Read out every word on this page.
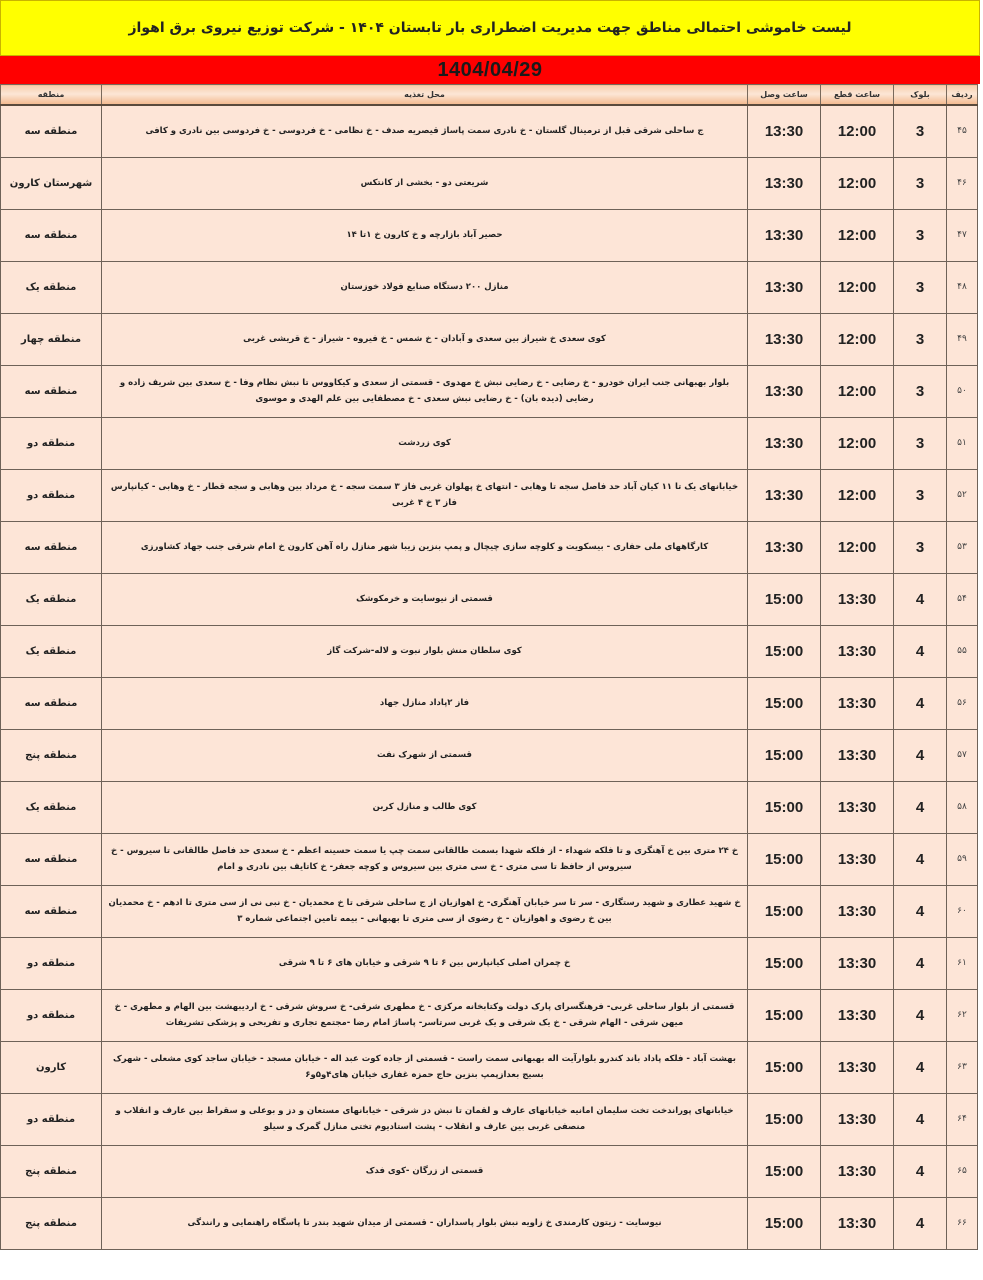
لیست خاموشی احتمالی مناطق جهت مدیریت اضطراری بار تابستان ۱۴۰۴ - شرکت توزیع نیروی برق اهواز
1404/04/29
ردیف	بلوک	ساعت قطع	ساعت وصل	محل تغذیه	منطقه
۴۵	3	12:00	13:30	ج ساحلی شرقی قبل از ترمینال گلستان - خ نادری سمت پاساژ قیصریه صدف - خ نظامی - خ فردوسی - خ فردوسی بین نادری و کافی	منطقه سه
۴۶	3	12:00	13:30	شریعتی دو - بخشی از کانتکس	شهرستان کارون
۴۷	3	12:00	13:30	حصیر آباد بازارچه و خ کارون خ ۱تا ۱۴	منطقه سه
۴۸	3	12:00	13:30	منازل ۲۰۰ دستگاه صنایع فولاد خوزستان	منطقه یک
۴۹	3	12:00	13:30	کوی سعدی خ شیراز بین سعدی و آبادان - خ شمس - خ فیروه - شیراز - خ قریشی غربی	منطقه چهار
۵۰	3	12:00	13:30	بلوار بهبهانی جنب ایران خودرو - خ رضایی - خ رضایی نبش خ مهدوی - قسمتی از سعدی و کیکاووس تا نبش نظام وفا - خ سعدی بین شریف زاده و رضایی (دیده بان) - خ رضایی نبش سعدی - خ مصطفایی بین علم الهدی و موسوی	منطقه سه
۵۱	3	12:00	13:30	کوی زردشت	منطقه دو
۵۲	3	12:00	13:30	خیابانهای یک تا ۱۱ کیان آباد حد فاصل سجه تا وهابی - انتهای خ پهلوان غربی فاز ۳ سمت سجه - خ مرداد بین وهابی و سجه قطار - خ وهابی - کیانپارس فاز ۳ خ ۴ غربی	منطقه دو
۵۳	3	12:00	13:30	کارگاههای ملی حفاری - بیسکویت و کلوچه سازی چیچال و پمپ بنزین زیبا شهر منازل راه آهن کارون خ امام شرقی جنب جهاد کشاورزی	منطقه سه
۵۴	4	13:30	15:00	قسمتی از نیوسایت و خرمکوشک	منطقه یک
۵۵	4	13:30	15:00	کوی سلطان منش بلوار نبوت و لاله-شرکت گاز	منطقه یک
۵۶	4	13:30	15:00	فاز ۲پاداد منازل جهاد	منطقه سه
۵۷	4	13:30	15:00	قسمتی از شهرک نفت	منطقه پنج
۵۸	4	13:30	15:00	کوی طالب و منازل کربن	منطقه یک
۵۹	4	13:30	15:00	خ ۲۴ متری بین خ آهنگری و تا فلکه شهداء - از فلکه شهدا بسمت طالقانی سمت چپ یا سمت حسینه اعظم - خ سعدی حد فاصل طالقانی تا سیروس - خ سیروس از حافظ تا سی متری - خ سی متری بین سیروس و کوچه جعفر- خ کاتایف بین نادری و امام	منطقه سه
۶۰	4	13:30	15:00	خ شهید عطاری و شهید رستگاری - سر تا سر خیابان آهنگری- خ اهوازیان از ج ساحلی شرقی تا خ محمدیان - خ نبی نی از سی متری تا ادهم - خ محمدیان بین خ رضوی و اهوازیان - خ رضوی از سی متری تا بهبهانی - بیمه تامین اجتماعی شماره ۳	منطقه سه
۶۱	4	13:30	15:00	خ چمران اصلی کیانپارس بین ۶ تا ۹ شرقی و خیابان های ۶ تا ۹ شرقی	منطقه دو
۶۲	4	13:30	15:00	قسمتی از بلوار ساحلی غربی- فرهنگسرای پارک دولت وکتابخانه مرکزی - خ مطهری شرقی- خ سروش شرقی - خ اردیبهشت بین الهام و مطهری - خ میهن شرقی - الهام شرقی - خ یک شرقی و یک غربی سرتاسر- پاساژ امام رضا -مجتمع تجاری و تفریحی و پزشکی تشریفات	منطقه دو
۶۳	4	13:30	15:00	بهشت آباد - فلکه پاداد باند کندرو بلوارآیت اله بهبهانی سمت راست - قسمتی از جاده کوت عبد اله - خیابان مسجد - خیابان ساجد کوی مشعلی - شهرک بسیج بعدازپمپ بنزین حاج حمزه غفاری خیابان های۴و۵و۶	کارون
۶۴	4	13:30	15:00	خیابانهای پوراندخت تخت سلیمان امانیه خیابانهای عارف و لقمان تا نبش دز شرقی - خیابانهای مستعان و دز و بوعلی و سقراط بین عارف و انقلاب و منصفی غربی بین عارف و انقلاب - پشت استادیوم تختی منازل گمرک و سیلو	منطقه دو
۶۵	4	13:30	15:00	قسمتی از زرگان -کوی فدک	منطقه پنج
۶۶	4	13:30	15:00	نیوسایت - زیتون کارمندی خ زاویه نبش بلوار پاسداران - قسمتی از میدان شهید بندر تا پاسگاه راهنمایی و رانندگی	منطقه پنج
